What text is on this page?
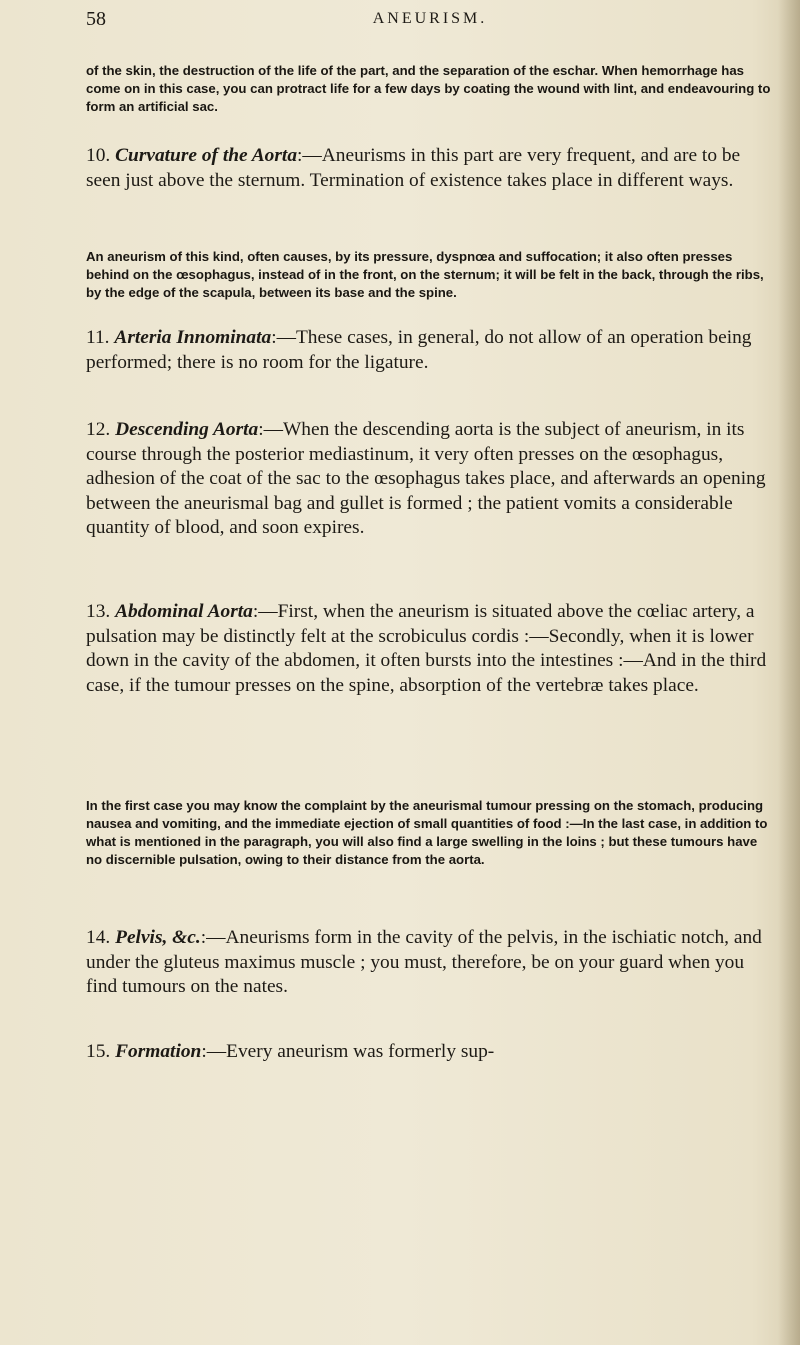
58	ANEURISM.

of the skin, the destruction of the life of the part, and the separation of the eschar. When hemorrhage has come on in this case, you can protract life for a few days by coating the wound with lint, and endeavouring to form an artificial sac.

10. Curvature of the Aorta:—Aneurisms in this part are very frequent, and are to be seen just above the sternum. Termination of existence takes place in different ways.

An aneurism of this kind, often causes, by its pressure, dyspnœa and suffocation; it also often presses behind on the œsophagus, instead of in the front, on the sternum; it will be felt in the back, through the ribs, by the edge of the scapula, between its base and the spine.

11. Arteria Innominata:—These cases, in general, do not allow of an operation being performed; there is no room for the ligature.

12. Descending Aorta:—When the descending aorta is the subject of aneurism, in its course through the posterior mediastinum, it very often presses on the œsophagus, adhesion of the coat of the sac to the œsophagus takes place, and afterwards an opening between the aneurismal bag and gullet is formed ; the patient vomits a considerable quantity of blood, and soon expires.

13. Abdominal Aorta:—First, when the aneurism is situated above the cœliac artery, a pulsation may be distinctly felt at the scrobiculus cordis :—Secondly, when it is lower down in the cavity of the abdomen, it often bursts into the intestines :—And in the third case, if the tumour presses on the spine, absorption of the vertebræ takes place.

In the first case you may know the complaint by the aneurismal tumour pressing on the stomach, producing nausea and vomiting, and the immediate ejection of small quantities of food :—In the last case, in addition to what is mentioned in the paragraph, you will also find a large swelling in the loins ; but these tumours have no discernible pulsation, owing to their distance from the aorta.

14. Pelvis, &c.:—Aneurisms form in the cavity of the pelvis, in the ischiatic notch, and under the gluteus maximus muscle ; you must, therefore, be on your guard when you find tumours on the nates.

15. Formation:—Every aneurism was formerly sup-
